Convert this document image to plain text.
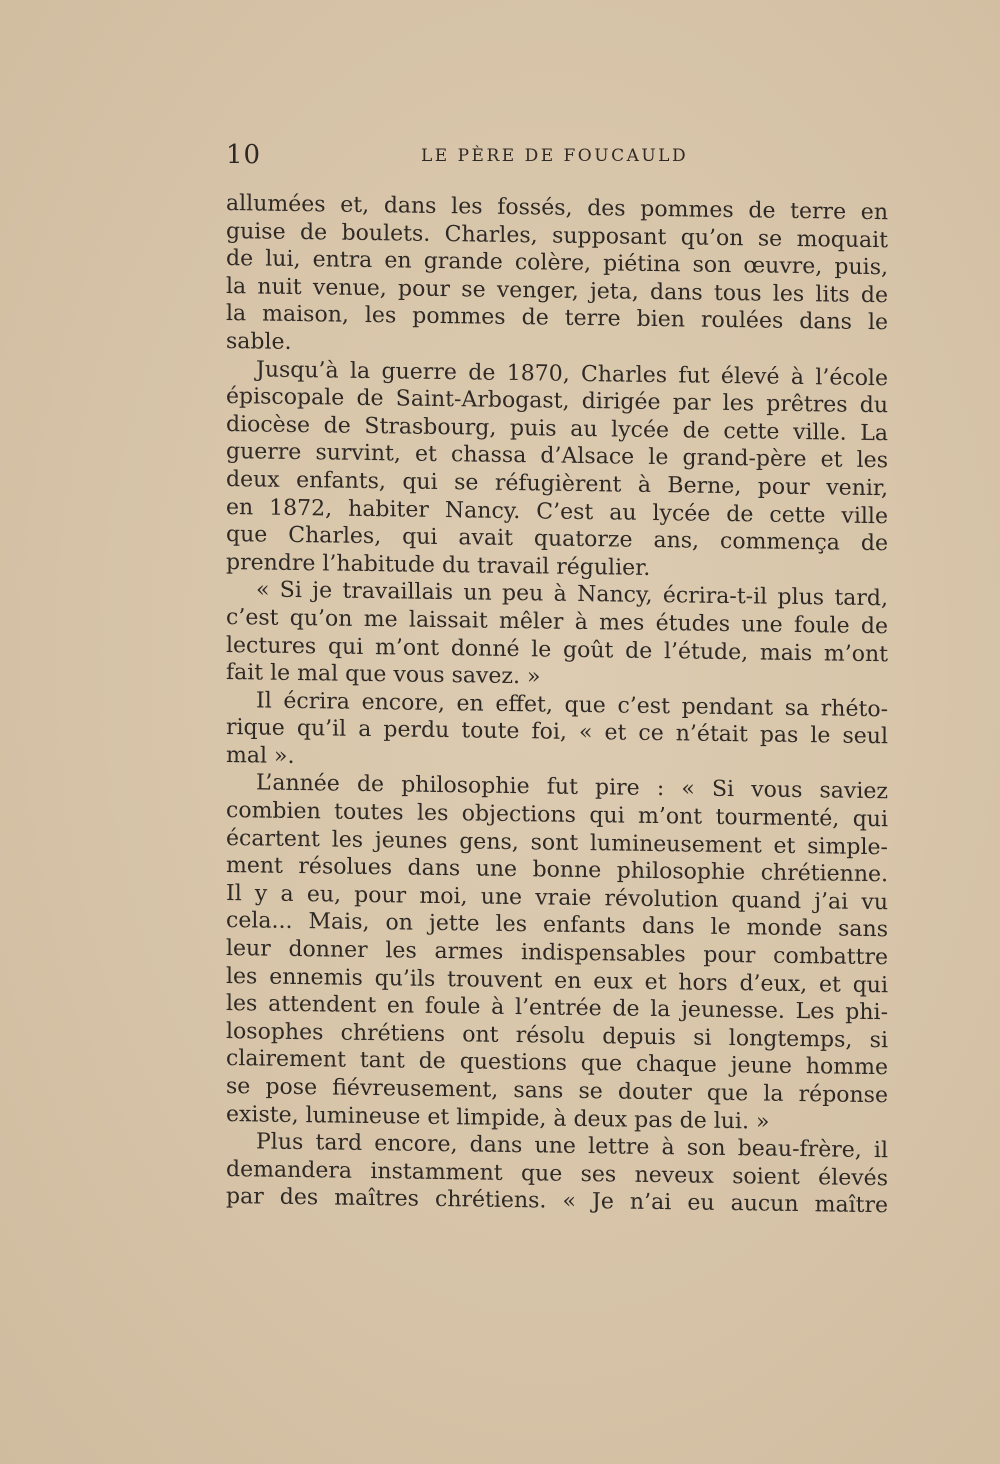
10	LE PÈRE DE FOUCAULD
allumées et, dans les fossés, des pommes de terre en
guise de boulets. Charles, supposant qu’on se moquait
de lui, entra en grande colère, piétina son œuvre, puis,
la nuit venue, pour se venger, jeta, dans tous les lits de
la maison, les pommes de terre bien roulées dans le
sable.
Jusqu’à la guerre de 1870, Charles fut élevé à l’école
épiscopale de Saint-Arbogast, dirigée par les prêtres du
diocèse de Strasbourg, puis au lycée de cette ville. La
guerre survint, et chassa d’Alsace le grand-père et les
deux enfants, qui se réfugièrent à Berne, pour venir,
en 1872, habiter Nancy. C’est au lycée de cette ville
que Charles, qui avait quatorze ans, commença de
prendre l’habitude du travail régulier.
« Si je travaillais un peu à Nancy, écrira-t-il plus tard,
c’est qu’on me laissait mêler à mes études une foule de
lectures qui m’ont donné le goût de l’étude, mais m’ont
fait le mal que vous savez. »
Il écrira encore, en effet, que c’est pendant sa rhéto-
rique qu’il a perdu toute foi, « et ce n’était pas le seul
mal ».
L’année de philosophie fut pire : « Si vous saviez
combien toutes les objections qui m’ont tourmenté, qui
écartent les jeunes gens, sont lumineusement et simple-
ment résolues dans une bonne philosophie chrétienne.
Il y a eu, pour moi, une vraie révolution quand j’ai vu
cela... Mais, on jette les enfants dans le monde sans
leur donner les armes indispensables pour combattre
les ennemis qu’ils trouvent en eux et hors d’eux, et qui
les attendent en foule à l’entrée de la jeunesse. Les phi-
losophes chrétiens ont résolu depuis si longtemps, si
clairement tant de questions que chaque jeune homme
se pose fiévreusement, sans se douter que la réponse
existe, lumineuse et limpide, à deux pas de lui. »
Plus tard encore, dans une lettre à son beau-frère, il
demandera instamment que ses neveux soient élevés
par des maîtres chrétiens. « Je n’ai eu aucun maître
